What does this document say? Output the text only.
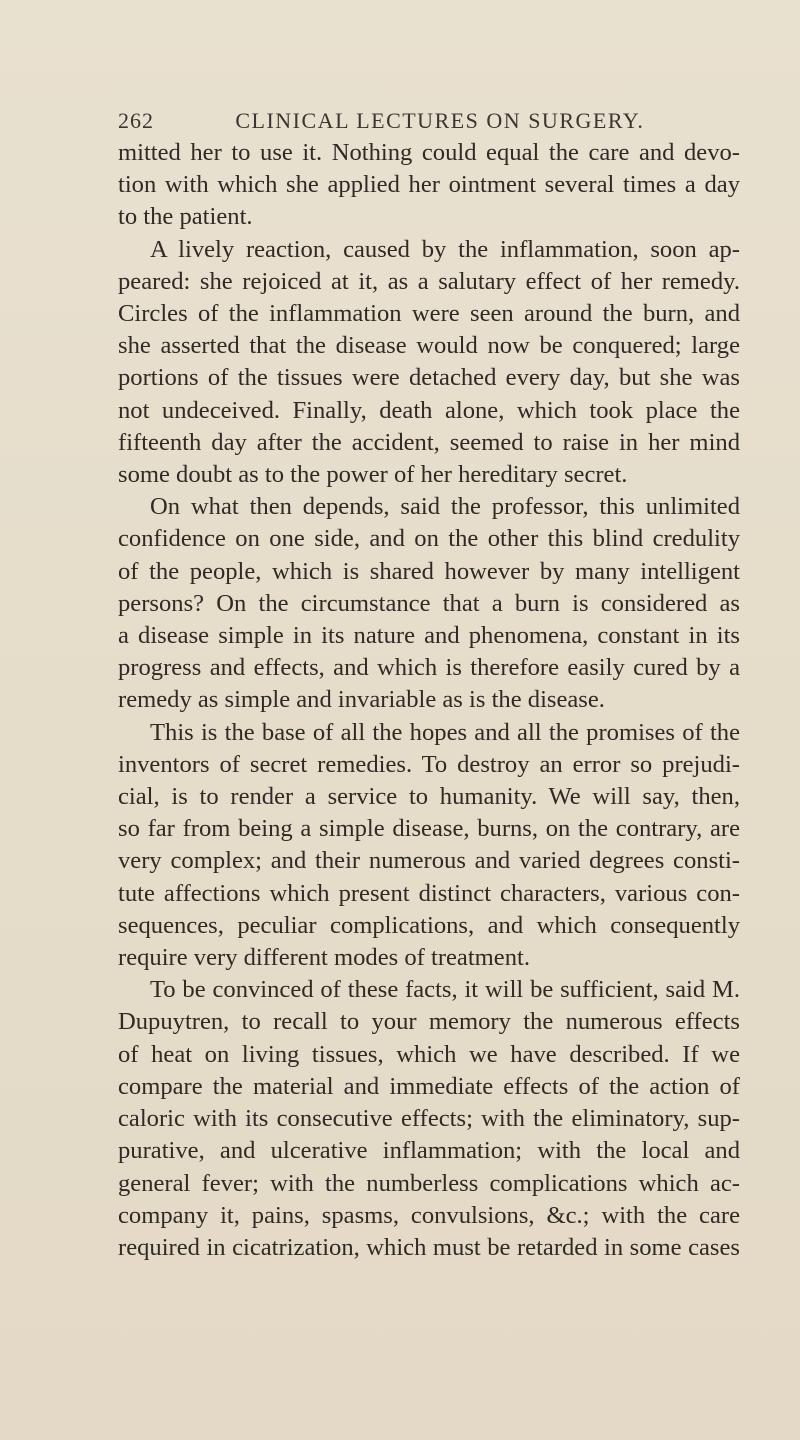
262	CLINICAL LECTURES ON SURGERY.
mitted her to use it. Nothing could equal the care and devo-
tion with which she applied her ointment several times a day
to the patient.
A lively reaction, caused by the inflammation, soon ap-
peared: she rejoiced at it, as a salutary effect of her remedy.
Circles of the inflammation were seen around the burn, and
she asserted that the disease would now be conquered; large
portions of the tissues were detached every day, but she was
not undeceived. Finally, death alone, which took place the
fifteenth day after the accident, seemed to raise in her mind
some doubt as to the power of her hereditary secret.
On what then depends, said the professor, this unlimited
confidence on one side, and on the other this blind credulity
of the people, which is shared however by many intelligent
persons? On the circumstance that a burn is considered as
a disease simple in its nature and phenomena, constant in its
progress and effects, and which is therefore easily cured by a
remedy as simple and invariable as is the disease.
This is the base of all the hopes and all the promises of the
inventors of secret remedies. To destroy an error so prejudi-
cial, is to render a service to humanity. We will say, then,
so far from being a simple disease, burns, on the contrary, are
very complex; and their numerous and varied degrees consti-
tute affections which present distinct characters, various con-
sequences, peculiar complications, and which consequently
require very different modes of treatment.
To be convinced of these facts, it will be sufficient, said M.
Dupuytren, to recall to your memory the numerous effects
of heat on living tissues, which we have described. If we
compare the material and immediate effects of the action of
caloric with its consecutive effects; with the eliminatory, sup-
purative, and ulcerative inflammation; with the local and
general fever; with the numberless complications which ac-
company it, pains, spasms, convulsions, &c.; with the care
required in cicatrization, which must be retarded in some cases
